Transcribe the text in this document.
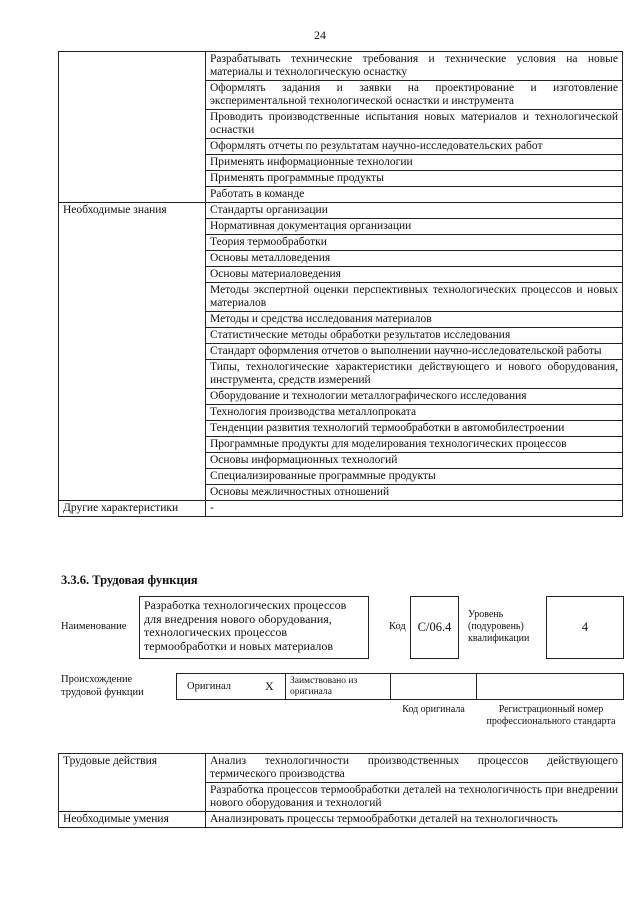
24
	Разрабатывать технические требования и технические условия на новые материалы и технологическую оснастку
	Оформлять задания и заявки на проектирование и изготовление экспериментальной технологической оснастки и инструмента
	Проводить производственные испытания новых материалов и технологической оснастки
	Оформлять отчеты по результатам научно-исследовательских работ
	Применять информационные технологии
	Применять программные продукты
	Работать в команде
Необходимые знания	Стандарты организации
	Нормативная документация организации
	Теория термообработки
	Основы металловедения
	Основы материаловедения
	Методы экспертной оценки перспективных технологических процессов и новых материалов
	Методы и средства исследования материалов
	Статистические методы обработки результатов исследования
	Стандарт оформления отчетов о выполнении научно-исследовательской работы
	Типы, технологические характеристики действующего и нового оборудования, инструмента, средств измерений
	Оборудование и технологии металлографического исследования
	Технология производства металлопроката
	Тенденции развития технологий термообработки в автомобилестроении
	Программные продукты для моделирования технологических процессов
	Основы информационных технологий
	Специализированные программные продукты
	Основы межличностных отношений
Другие характеристики	-
3.3.6. Трудовая функция
Наименование
Разработка технологических процессов для внедрения нового оборудования, технологических процессов термообработки и новых материалов
Код С/06.4
Уровень (подуровень) квалификации
4
Происхождение трудовой функции
Оригинал	X	Заимствовано из оригинала
Код оригинала	Регистрационный номер профессионального стандарта
Трудовые действия	Анализ технологичности производственных процессов действующего термического производства
	Разработка процессов термообработки деталей на технологичность при внедрении нового оборудования и технологий
Необходимые умения	Анализировать процессы термообработки деталей на технологичность
